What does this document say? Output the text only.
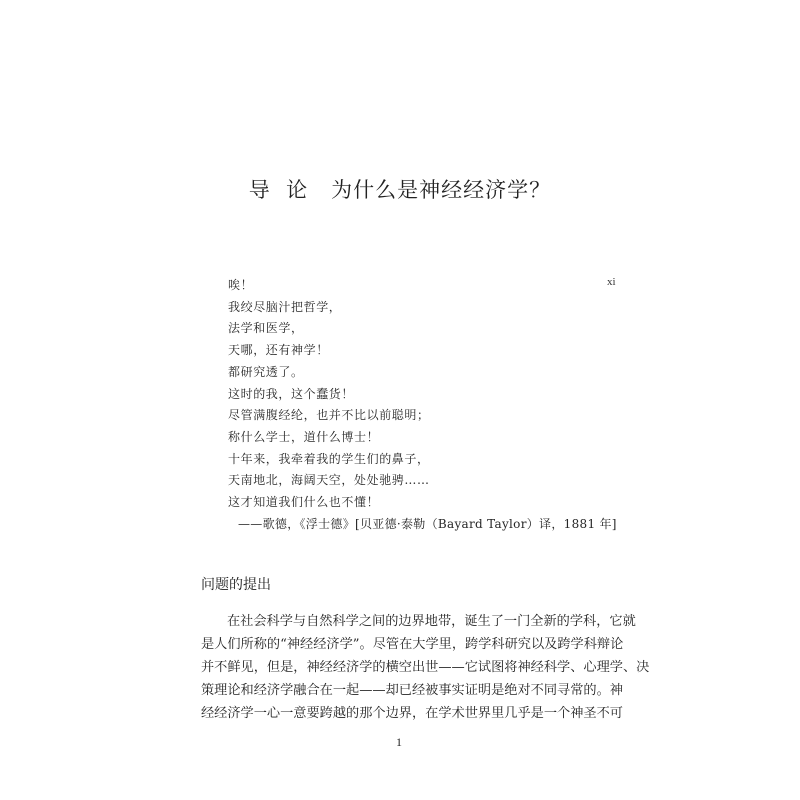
导  论   为什么是神经经济学？
xi
唉！
我绞尽脑汁把哲学，
法学和医学，
天哪，还有神学！
都研究透了。
这时的我，这个蠢货！
尽管满腹经纶，也并不比以前聪明；
称什么学士，道什么博士！
十年来，我牵着我的学生们的鼻子，
天南地北，海阔天空，处处驰骋……
这才知道我们什么也不懂！
——歌德，《浮士德》[贝亚德·泰勒（Bayard Taylor）译，1881 年]
问题的提出
在社会科学与自然科学之间的边界地带，诞生了一门全新的学科，它就
是人们所称的“神经经济学”。尽管在大学里，跨学科研究以及跨学科辩论
并不鲜见，但是，神经经济学的横空出世——它试图将神经科学、心理学、决
策理论和经济学融合在一起——却已经被事实证明是绝对不同寻常的。神
经经济学一心一意要跨越的那个边界，在学术世界里几乎是一个神圣不可
1
